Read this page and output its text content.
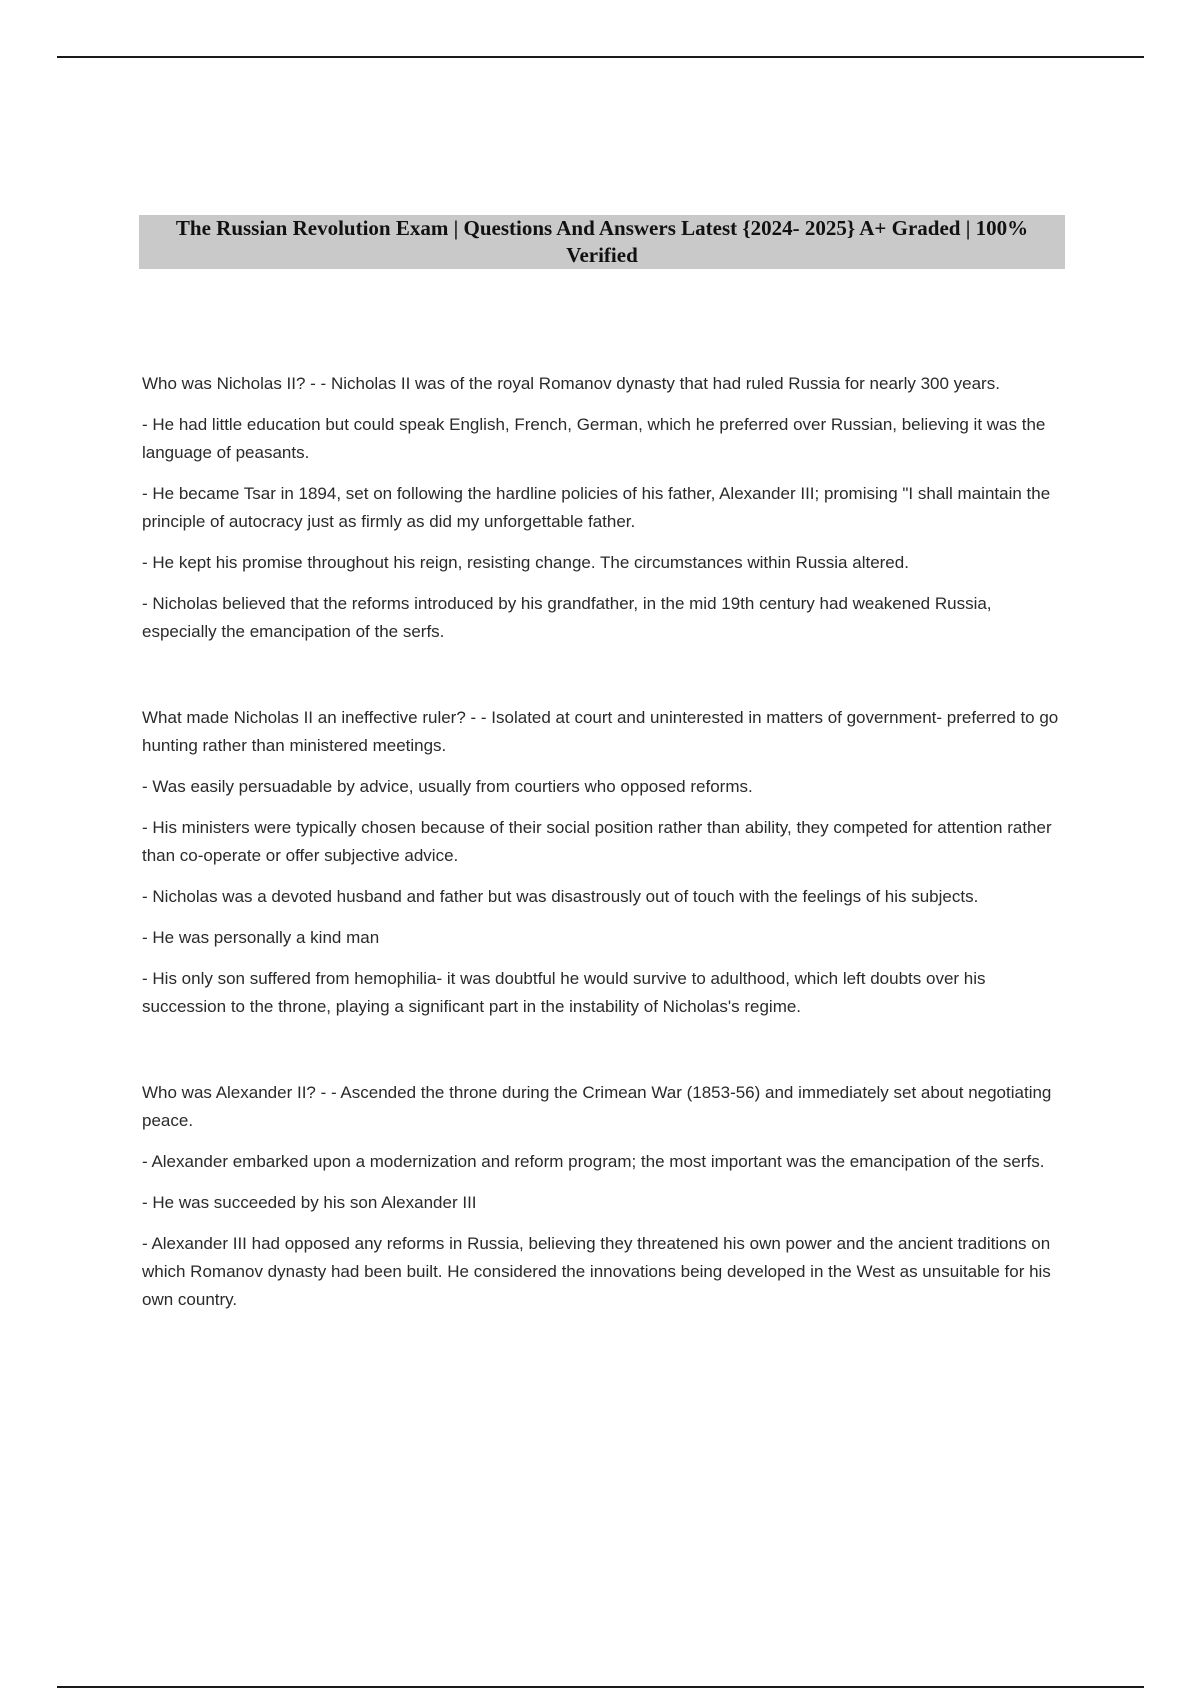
The Russian Revolution Exam | Questions And Answers Latest {2024- 2025} A+ Graded | 100% Verified

Who was Nicholas II? - - Nicholas II was of the royal Romanov dynasty that had ruled Russia for nearly 300 years.

- He had little education but could speak English, French, German, which he preferred over Russian, believing it was the language of peasants.

- He became Tsar in 1894, set on following the hardline policies of his father, Alexander III; promising "I shall maintain the principle of autocracy just as firmly as did my unforgettable father.

- He kept his promise throughout his reign, resisting change. The circumstances within Russia altered.

- Nicholas believed that the reforms introduced by his grandfather, in the mid 19th century had weakened Russia, especially the emancipation of the serfs.

What made Nicholas II an ineffective ruler? - - Isolated at court and uninterested in matters of government- preferred to go hunting rather than ministered meetings.

- Was easily persuadable by advice, usually from courtiers who opposed reforms.

- His ministers were typically chosen because of their social position rather than ability, they competed for attention rather than co-operate or offer subjective advice.

- Nicholas was a devoted husband and father but was disastrously out of touch with the feelings of his subjects.

- He was personally a kind man

- His only son suffered from hemophilia- it was doubtful he would survive to adulthood, which left doubts over his succession to the throne, playing a significant part in the instability of Nicholas's regime.

Who was Alexander II? - - Ascended the throne during the Crimean War (1853-56) and immediately set about negotiating peace.

- Alexander embarked upon a modernization and reform program; the most important was the emancipation of the serfs.

- He was succeeded by his son Alexander III

- Alexander III had opposed any reforms in Russia, believing they threatened his own power and the ancient traditions on which Romanov dynasty had been built. He considered the innovations being developed in the West as unsuitable for his own country.
